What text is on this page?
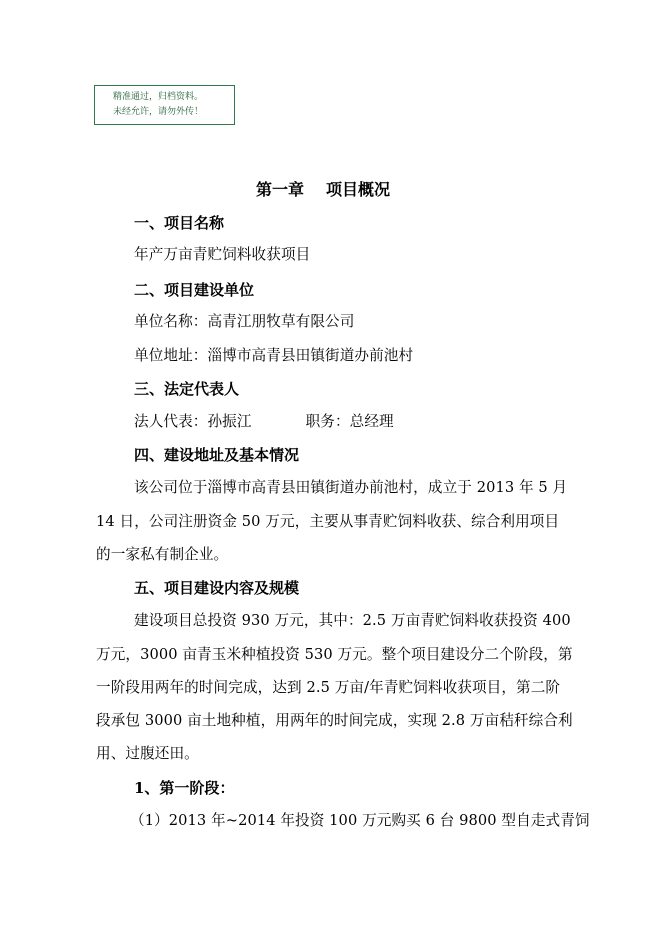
精准通过，归档资料。
未经允许，请勿外传！
第一章 项目概况
一、项目名称
年产万亩青贮饲料收获项目
二、项目建设单位
单位名称：高青江朋牧草有限公司
单位地址：淄博市高青县田镇街道办前池村
三、法定代表人
法人代表：孙振江	职务：总经理
四、建设地址及基本情况
该公司位于淄博市高青县田镇街道办前池村，成立于 2013 年 5 月
14 日，公司注册资金 50 万元，主要从事青贮饲料收获、综合利用项目
的一家私有制企业。
五、项目建设内容及规模
建设项目总投资 930 万元，其中：2.5 万亩青贮饲料收获投资 400
万元，3000 亩青玉米种植投资 530 万元。整个项目建设分二个阶段，第
一阶段用两年的时间完成，达到 2.5 万亩/年青贮饲料收获项目，第二阶
段承包 3000 亩土地种植，用两年的时间完成，实现 2.8 万亩秸秆综合利
用、过腹还田。
1、第一阶段：
（1）2013 年~2014 年投资 100 万元购买 6 台 9800 型自走式青饲
